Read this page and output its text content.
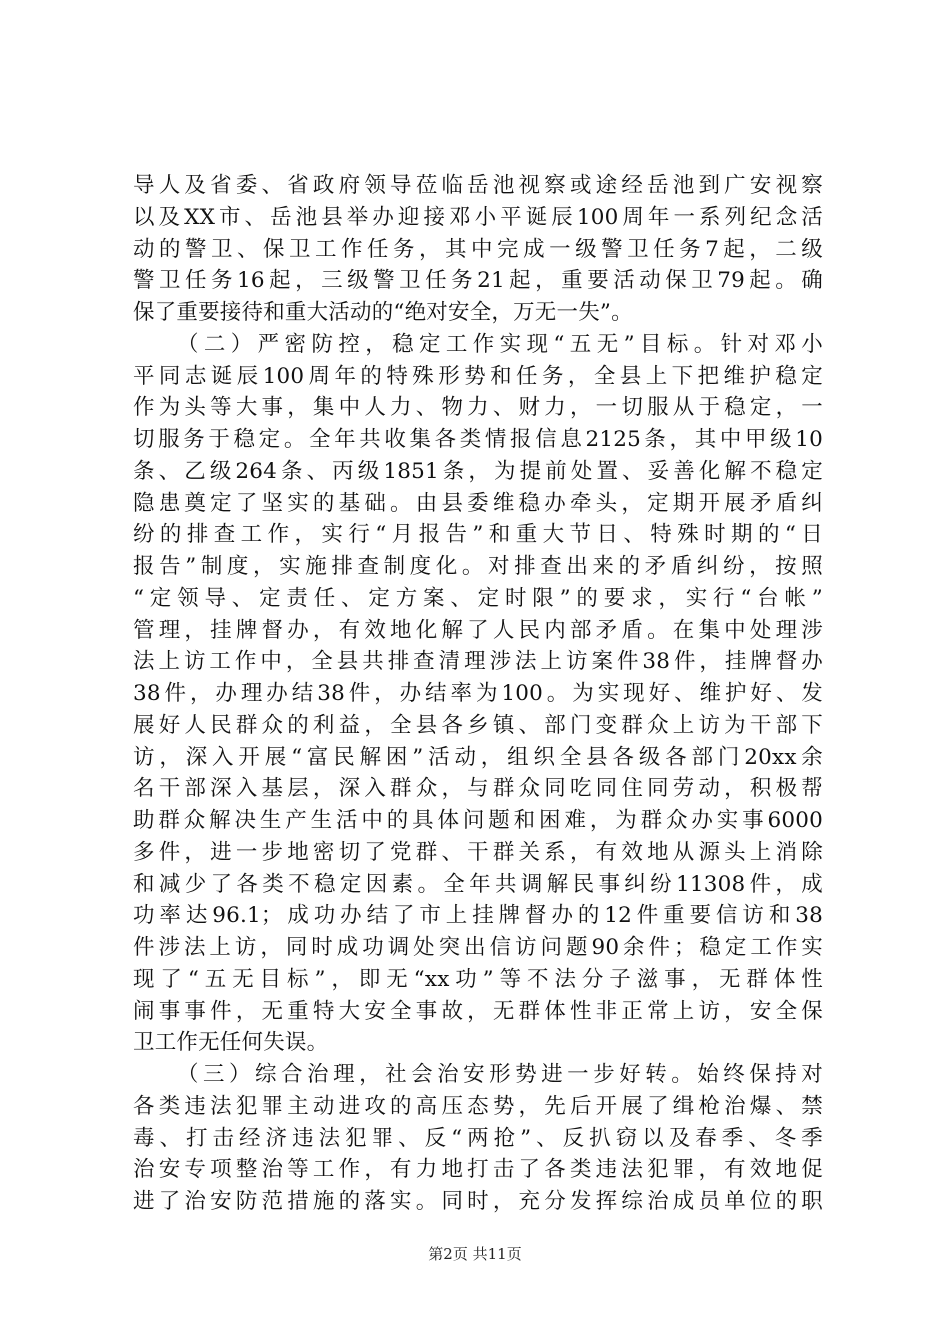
导人及省委、省政府领导莅临岳池视察或途经岳池到广安视察
以及XX市、岳池县举办迎接邓小平诞辰100周年一系列纪念活
动的警卫、保卫工作任务，其中完成一级警卫任务7起，二级
警卫任务16起，三级警卫任务21起，重要活动保卫79起。确
保了重要接待和重大活动的“绝对安全，万无一失”。
（二）严密防控，稳定工作实现“五无”目标。针对邓小
平同志诞辰100周年的特殊形势和任务，全县上下把维护稳定
作为头等大事，集中人力、物力、财力，一切服从于稳定，一
切服务于稳定。全年共收集各类情报信息2125条，其中甲级10
条、乙级264条、丙级1851条，为提前处置、妥善化解不稳定
隐患奠定了坚实的基础。由县委维稳办牵头，定期开展矛盾纠
纷的排查工作，实行“月报告”和重大节日、特殊时期的“日
报告”制度，实施排查制度化。对排查出来的矛盾纠纷，按照
“定领导、定责任、定方案、定时限”的要求，实行“台帐”
管理，挂牌督办，有效地化解了人民内部矛盾。在集中处理涉
法上访工作中，全县共排查清理涉法上访案件38件，挂牌督办
38件，办理办结38件，办结率为100。为实现好、维护好、发
展好人民群众的利益，全县各乡镇、部门变群众上访为干部下
访，深入开展“富民解困”活动，组织全县各级各部门20xx余
名干部深入基层，深入群众，与群众同吃同住同劳动，积极帮
助群众解决生产生活中的具体问题和困难，为群众办实事6000
多件，进一步地密切了党群、干群关系，有效地从源头上消除
和减少了各类不稳定因素。全年共调解民事纠纷11308件，成
功率达96.1；成功办结了市上挂牌督办的12件重要信访和38
件涉法上访，同时成功调处突出信访问题90余件；稳定工作实
现了“五无目标”，即无“xx功”等不法分子滋事，无群体性
闹事事件，无重特大安全事故，无群体性非正常上访，安全保
卫工作无任何失误。
（三）综合治理，社会治安形势进一步好转。始终保持对
各类违法犯罪主动进攻的高压态势，先后开展了缉枪治爆、禁
毒、打击经济违法犯罪、反“两抢”、反扒窃以及春季、冬季
治安专项整治等工作，有力地打击了各类违法犯罪，有效地促
进了治安防范措施的落实。同时，充分发挥综治成员单位的职
第2页 共11页
